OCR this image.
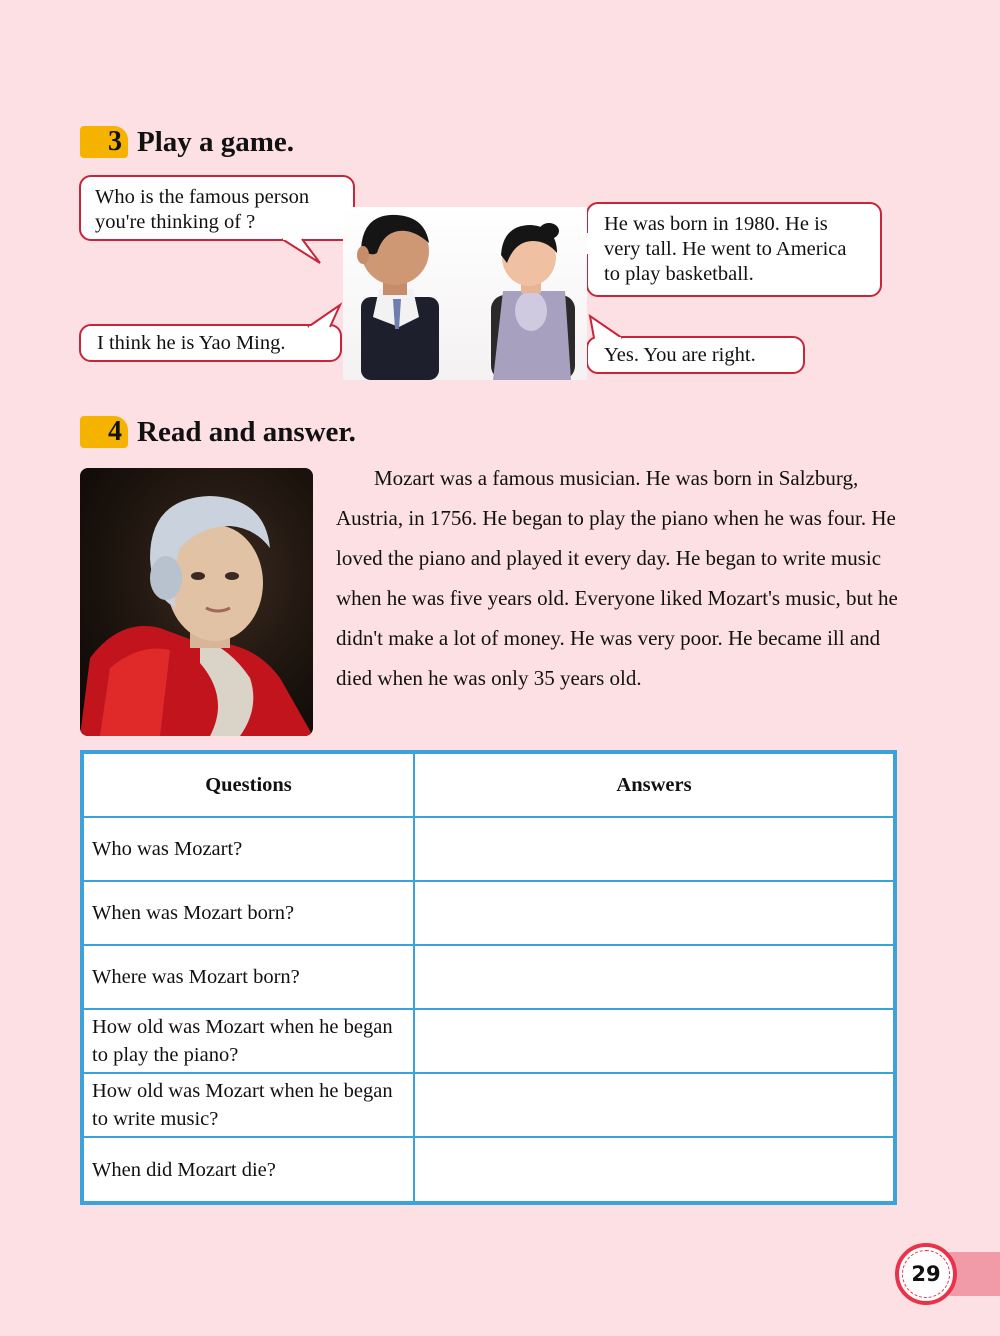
3 Play a game.
Who is the famous person you're thinking of ?	He was born in 1980. He is very tall. He went to America to play basketball.
I think he is Yao Ming.
Yes. You are right.
4 Read and answer.

Mozart was a famous musician. He was born in Salzburg, Austria, in 1756. He began to play the piano when he was four. He loved the piano and played it every day. He began to write music when he was five years old. Everyone liked Mozart's music, but he didn't make a lot of money. He was very poor. He became ill and died when he was only 35 years old.

Questions	Answers
Who was Mozart?
When was Mozart born?
Where was Mozart born?
How old was Mozart when he began to play the piano?
How old was Mozart when he began to write music?
When did Mozart die?
29
